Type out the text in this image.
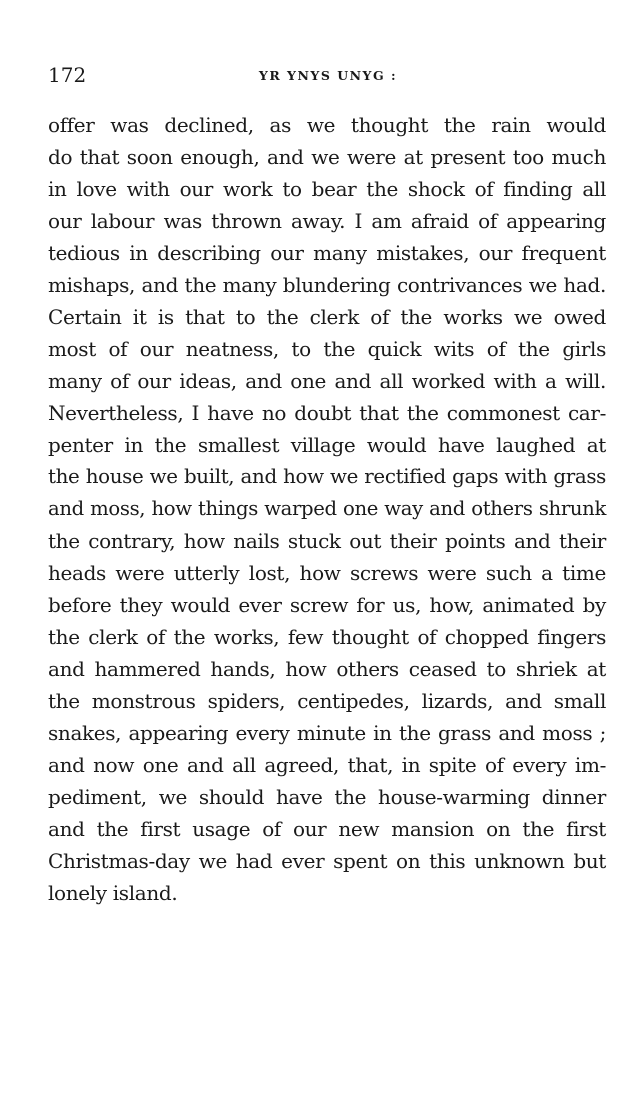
172	YR YNYS UNYG :
offer was declined, as we thought the rain would
do that soon enough, and we were at present too much
in love with our work to bear the shock of finding all
our labour was thrown away. I am afraid of appearing
tedious in describing our many mistakes, our frequent
mishaps, and the many blundering contrivances we had.
Certain it is that to the clerk of the works we owed
most of our neatness, to the quick wits of the girls
many of our ideas, and one and all worked with a will.
Nevertheless, I have no doubt that the commonest car-
penter in the smallest village would have laughed at
the house we built, and how we rectified gaps with grass
and moss, how things warped one way and others shrunk
the contrary, how nails stuck out their points and their
heads were utterly lost, how screws were such a time
before they would ever screw for us, how, animated by
the clerk of the works, few thought of chopped fingers
and hammered hands, how others ceased to shriek at
the monstrous spiders, centipedes, lizards, and small
snakes, appearing every minute in the grass and moss ;
and now one and all agreed, that, in spite of every im-
pediment, we should have the house-warming dinner
and the first usage of our new mansion on the first
Christmas-day we had ever spent on this unknown but
lonely island.
